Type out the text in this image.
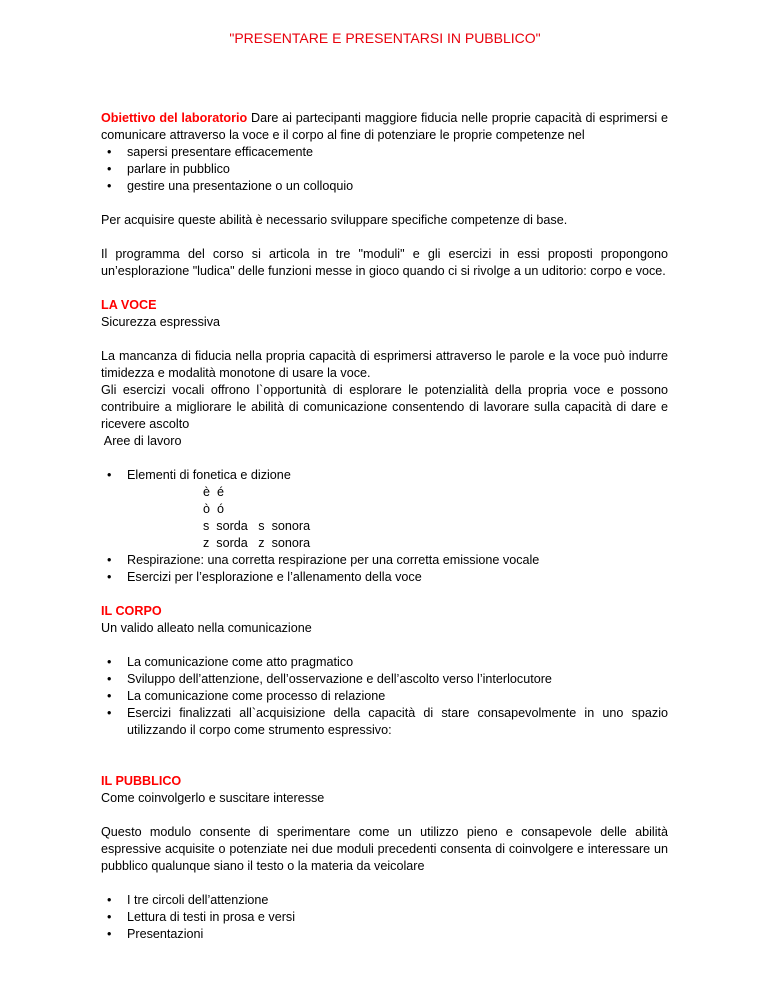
"PRESENTARE E PRESENTARSI IN PUBBLICO"

Obiettivo del laboratorio Dare ai partecipanti maggiore fiducia nelle proprie capacità di esprimersi e comunicare attraverso la voce e il corpo al fine di potenziare le proprie competenze nel

• sapersi presentare efficacemente
• parlare in pubblico
• gestire una presentazione o un colloquio

Per acquisire queste abilità è necessario sviluppare specifiche competenze di base.

Il programma del corso si articola in tre "moduli" e gli esercizi in essi proposti propongono un’esplorazione "ludica" delle funzioni messe in gioco quando ci si rivolge a un uditorio: corpo e voce.

LA VOCE

Sicurezza espressiva

La mancanza di fiducia nella propria capacità di esprimersi attraverso le parole e la voce può indurre timidezza e modalità monotone di usare la voce.

Gli esercizi vocali offrono l`opportunità di esplorare le potenzialità della propria voce e possono contribuire a migliorare le abilità di comunicazione consentendo di lavorare sulla capacità di dare e ricevere ascolto

Aree di lavoro

• Elementi di fonetica e dizione
è  é
ò  ó
s  sorda   s  sonora
z  sorda   z  sonora
• Respirazione: una corretta respirazione per una corretta emissione vocale
• Esercizi per l’esplorazione e l’allenamento della voce

IL CORPO

Un valido alleato nella comunicazione

• La comunicazione come atto pragmatico
• Sviluppo dell’attenzione, dell’osservazione e dell’ascolto verso l’interlocutore
• La comunicazione come processo di relazione
• Esercizi finalizzati all`acquisizione della capacità di stare consapevolmente in uno spazio utilizzando il corpo come strumento espressivo:

IL PUBBLICO

Come coinvolgerlo e suscitare interesse

Questo modulo consente di sperimentare come un utilizzo pieno e consapevole delle abilità espressive acquisite o potenziate nei due moduli precedenti consenta di coinvolgere e interessare un pubblico qualunque siano il testo o la materia da veicolare

• I tre circoli dell’attenzione
• Lettura di testi in prosa e versi
• Presentazioni
